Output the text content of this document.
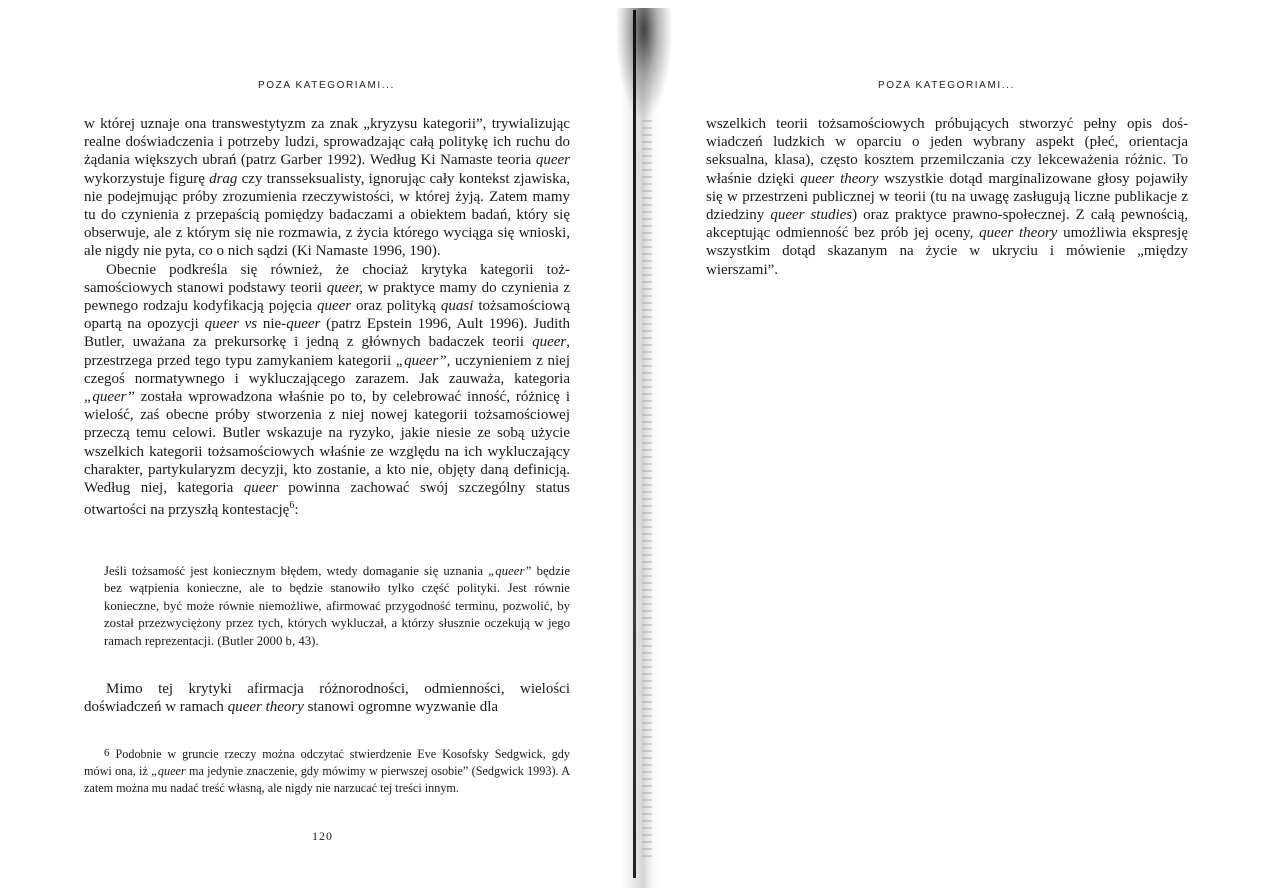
POZA KATEGORIAMI...

w której uznaje ona transwestytyzm za znak „kryzysu kategorii”, trywializując realne doświadczenia i potrzeby ludzi, sprowadzając całą politykę ich ruchu do żądania większych ubrań (patrz Garber 1992). Według Ki Namaste teoria queer wykorzystuje figurę drag czy transseksualisty, ignorując cały kontekst zjawiska, nie podejmując próby zrozumienia rzeczywistości, w której żyją. Zatem mamy tu do czynienia z przepaścią pomiędzy badaczami a obiektem badań, który się obserwuje, ale z którym się nie rozmawia, z życia którego wyciąga się wnioski, ale nigdy nie pyta, co o nich sądzi (Ki Namaste 1996, 190).

Obecnie podkreśla się również, że chociaż krytyka kategorii tożsamościowych stanowi podstawy teorii queer, w praktyce mamy do czynienia z pewnego rodzaju kodyfikacją pojęcia queer oraz polityką quasi tożsamościową opartą na opozycji queer vs nie-queer (patrz Epstein 1996, Ault 1996). Judith Butler, uważana za prekursorkę i jedną z głównych badaczek teorii queer, przestrzega przed tego typu zamykaniem kategorii „queer”, uczynieniem z niej czegoś normatywnego i wykluczającego zarazem. Jak zauważa, kategoria „queer” została wprowadzona właśnie po to, by celebrować inność, różnicę i wielość, zaś obecne próby stworzenia z niej nowej kategorii tożsamościowej przeczą temu celowi. Butler wskazuje na ryzyko, jakie niesie ze sobą użycie wszelkich kategorii tożsamościowych właśnie ze względu na ich wykluczający charakter, partykularyzm decyzji, kto zostanie, a kto nie, objęty daną definicją. Według niej, kategoria queer powinna zachować swój szczególny status otwartości na przyszłą kontestację$^6$:

Jeśli tożsamość jest koniecznym błędem, wtedy domaganie się uznania „queer” będzie bez wątpienia konieczne, ale to będzie stanowiło tylko część polityki. Jest równie konieczne, być może równie niemożliwe, afirmować przygodność terminu, pozwolić, by został przezwyciężony przez tych, których wykluczał, a którzy słusznie oczekują w jego ramach reprezentacji. (Butler 2000 b, 43).

Mimo tej krytyki afirmacja różnorodności, odmienności, wielości doświadczeń w ramach queer theory stanowi ogromne wyzwanie dla

6 Podobnie w gruncie rzeczy można odczytać stwierdzenie Eve Kosofsky Sedgwick, gdy mówi ona, iż „queer ma jedynie znaczenie, gdy mówimy w pierwszej osobie” (Sedgwick 1993). A zatem można mu nadać treść własną, ale nigdy nie narzucać tej treści innym.

120
POZA KATEGORIAMI...

wszelkich teorii tożsamościowych próbujących stworzyć pełny opis doświadczeń ludzkich w oparciu o jeden wybrany aspekt (płeć, orientacja seksualna, klasa), często kosztem przemilczania czy lekceważenia różnic. To właśnie dzięki queer theory wszystkie dotąd marginalizowane głosy pojawiły się w przestrzeni publicznej w teorii (tu na uwagę zasługują liczne publikacje z dziedziny queer studies) oraz praktyce prawno-społecznej. Z całą pewnością, akceptując odmienność bez prób jej oceny, queer theory umożliwia ekspresję wszystkim dotąd skazanym na życie w ukryciu i mówienie „między wierszami”.
